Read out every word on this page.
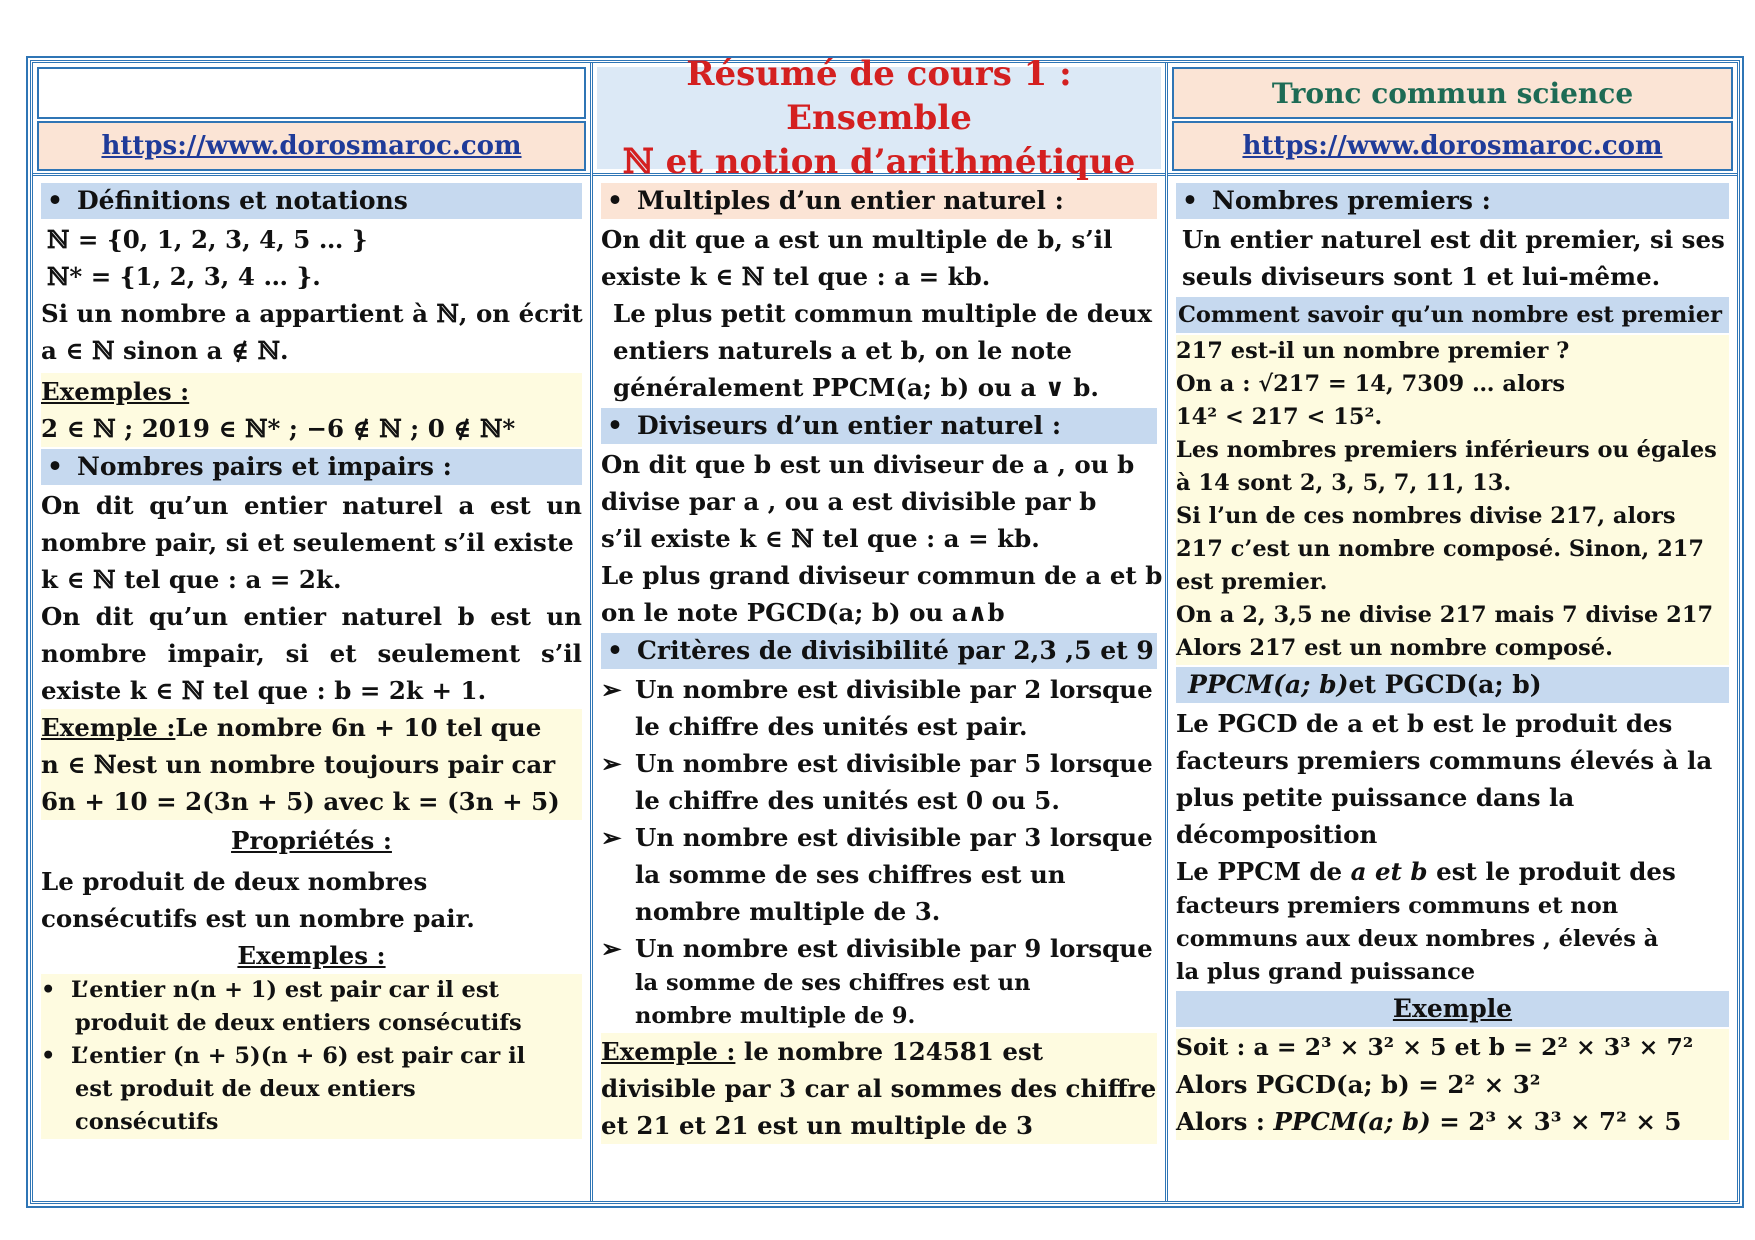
https://www.dorosmaroc.com
• Définitions et notations
ℕ = {0, 1, 2, 3, 4, 5 … }
ℕ* = {1, 2, 3, 4 … }.
Si un nombre a appartient à ℕ, on écrit
a ∈ ℕ sinon a ∉ ℕ.
Exemples :
2 ∈ ℕ ; 2019 ∈ ℕ* ; −6 ∉ ℕ ; 0 ∉ ℕ*
• Nombres pairs et impairs :
On dit qu’un entier naturel a est un
nombre pair, si et seulement s’il existe
k ∈ ℕ tel que : a = 2k.
On dit qu’un entier naturel b est un
nombre impair, si et seulement s’il
existe k ∈ ℕ tel que : b = 2k + 1.
Exemple :Le nombre 6n + 10 tel que
n ∈ ℕest un nombre toujours pair car
6n + 10 = 2(3n + 5) avec k = (3n + 5)
Propriétés :
Le produit de deux nombres
consécutifs est un nombre pair.
Exemples :
• L’entier n(n + 1) est pair car il est
produit de deux entiers consécutifs
• L’entier (n + 5)(n + 6) est pair car il
est produit de deux entiers
consécutifs
Résumé de cours 1 : Ensemble
ℕ et notion d’arithmétique
• Multiples d’un entier naturel :
On dit que a est un multiple de b, s’il
existe k ∈ ℕ tel que : a = kb.
Le plus petit commun multiple de deux
entiers naturels a et b, on le note
généralement PPCM(a; b) ou a ∨ b.
• Diviseurs d’un entier naturel :
On dit que b est un diviseur de a , ou b
divise par a , ou a est divisible par b
s’il existe k ∈ ℕ tel que : a = kb.
Le plus grand diviseur commun de a et b
on le note PGCD(a; b) ou a∧b
• Critères de divisibilité par 2,3 ,5 et 9
➢ Un nombre est divisible par 2 lorsque
le chiffre des unités est pair.
➢ Un nombre est divisible par 5 lorsque
le chiffre des unités est 0 ou 5.
➢ Un nombre est divisible par 3 lorsque
la somme de ses chiffres est un
nombre multiple de 3.
➢ Un nombre est divisible par 9 lorsque
la somme de ses chiffres est un
nombre multiple de 9.
Exemple : le nombre 124581 est
divisible par 3 car al sommes des chiffre
et 21 et 21 est un multiple de 3
Tronc commun science
https://www.dorosmaroc.com
• Nombres premiers :
Un entier naturel est dit premier, si ses
seuls diviseurs sont 1 et lui-même.
Comment savoir qu’un nombre est premier
217 est-il un nombre premier ?
On a : √217 = 14, 7309 … alors
14² < 217 < 15².
Les nombres premiers inférieurs ou égales
à 14 sont 2, 3, 5, 7, 11, 13.
Si l’un de ces nombres divise 217, alors
217 c’est un nombre composé. Sinon, 217
est premier.
On a 2, 3,5 ne divise 217 mais 7 divise 217
Alors 217 est un nombre composé.
PPCM(a; b) et PGCD(a; b)
Le PGCD de a et b est le produit des
facteurs premiers communs élevés à la
plus petite puissance dans la
décomposition
Le PPCM de a et b est le produit des
facteurs premiers communs et non
communs aux deux nombres , élevés à
la plus grand puissance
Exemple
Soit : a = 2³ × 3² × 5 et b = 2² × 3³ × 7²
Alors PGCD(a; b) = 2² × 3²
Alors : PPCM(a; b) = 2³ × 3³ × 7² × 5
